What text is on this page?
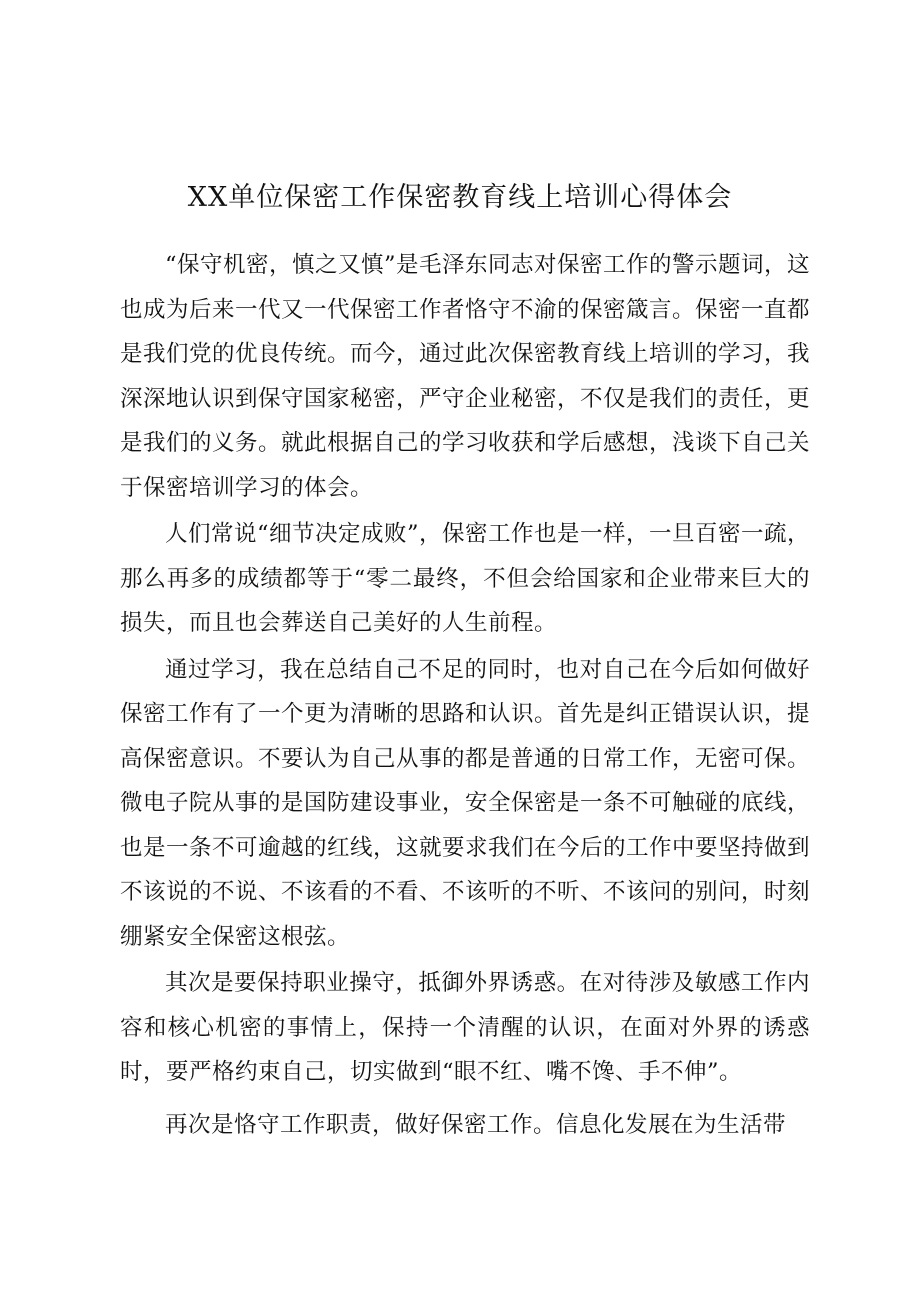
XX单位保密工作保密教育线上培训心得体会

“保守机密，慎之又慎”是毛泽东同志对保密工作的警示题词，这也成为后来一代又一代保密工作者恪守不渝的保密箴言。保密一直都是我们党的优良传统。而今，通过此次保密教育线上培训的学习，我深深地认识到保守国家秘密，严守企业秘密，不仅是我们的责任，更是我们的义务。就此根据自己的学习收获和学后感想，浅谈下自己关于保密培训学习的体会。

人们常说“细节决定成败”，保密工作也是一样，一旦百密一疏，那么再多的成绩都等于“零二最终，不但会给国家和企业带来巨大的损失，而且也会葬送自己美好的人生前程。

通过学习，我在总结自己不足的同时，也对自己在今后如何做好保密工作有了一个更为清晰的思路和认识。首先是纠正错误认识，提高保密意识。不要认为自己从事的都是普通的日常工作，无密可保。微电子院从事的是国防建设事业，安全保密是一条不可触碰的底线，也是一条不可逾越的红线，这就要求我们在今后的工作中要坚持做到不该说的不说、不该看的不看、不该听的不听、不该问的别问，时刻绷紧安全保密这根弦。

其次是要保持职业操守，抵御外界诱惑。在对待涉及敏感工作内容和核心机密的事情上，保持一个清醒的认识，在面对外界的诱惑时，要严格约束自己，切实做到“眼不红、嘴不馋、手不伸”。

再次是恪守工作职责，做好保密工作。信息化发展在为生活带
